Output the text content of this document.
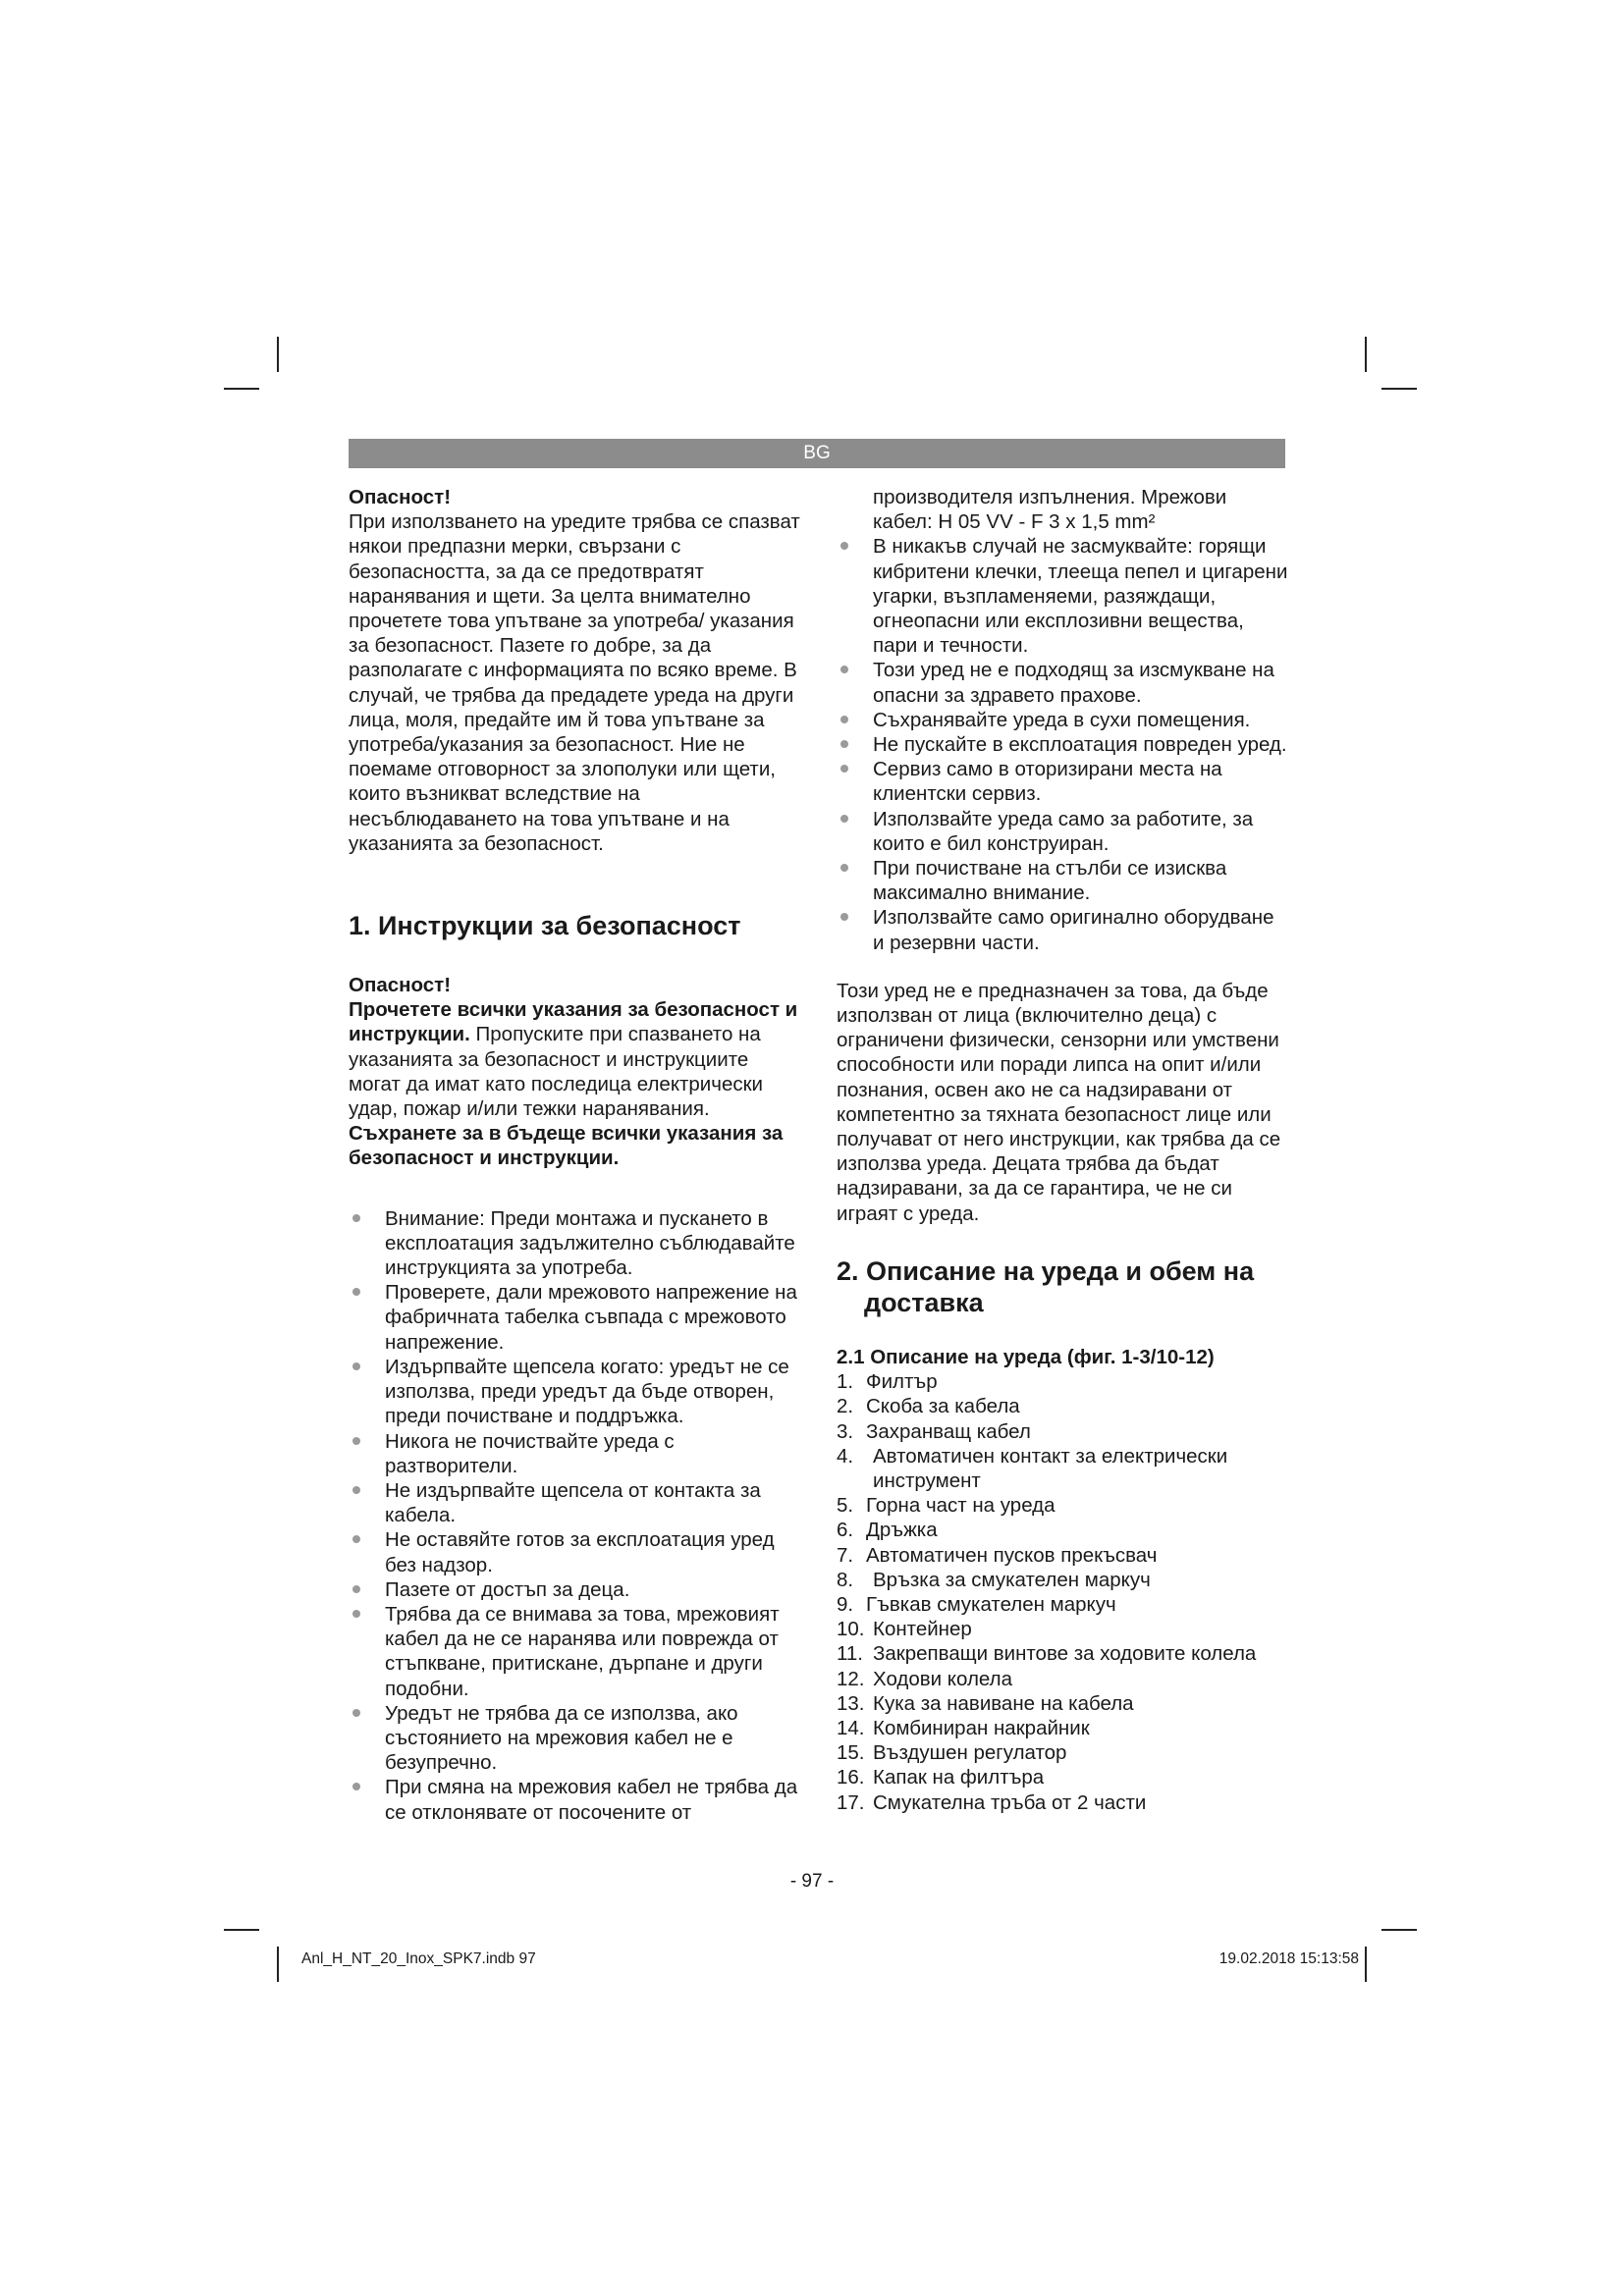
BG

Опасност!

При използването на уредите трябва се спазват някои предпазни мерки, свързани с безопасността, за да се предотвратят наранявания и щети. За целта внимателно прочетете това упътване за употреба/ указания за безопасност. Пазете го добре, за да разполагате с информацията по всяко време. В случай, че трябва да предадете уреда на други лица, моля, предайте им й това упътване за употреба/указания за безопасност. Ние не поемаме отговорност за злополуки или щети, които възникват вследствие на несъблюдаването на това упътване и на указанията за безопасност.

1. Инструкции за безопасност

Опасност!

Прочетете всички указания за безопасност и инструкции. Пропуските при спазването на указанията за безопасност и инструкциите могат да имат като последица електрически удар, пожар и/или тежки наранявания. Съхранете за в бъдеще всички указания за безопасност и инструкции.

Внимание: Преди монтажа и пускането в експлоатация задължително съблюдавайте инструкцията за употреба.
Проверете, дали мрежовото напрежение на фабричната табелка съвпада с мрежовото напрежение.
Издърпвайте щепсела когато: уредът не се използва, преди уредът да бъде отворен, преди почистване и поддръжка.
Никога не почиствайте уреда с разтворители.
Не издърпвайте щепсела от контакта за кабела.
Не оставяйте готов за експлоатация уред без надзор.
Пазете от достъп за деца.
Трябва да се внимава за това, мрежовият кабел да не се наранява или поврежда от стъпкване, притискане, дърпане и други подобни.
Уредът не трябва да се използва, ако състоянието на мрежовия кабел не е безупречно.
При смяна на мрежовия кабел не трябва да се отклонявате от посочените от

производителя изпълнения. Мрежови кабел: H 05 VV - F 3 x 1,5 mm²

В никакъв случай не засмуквайте: горящи кибритени клечки, тлееща пепел и цигарени угарки, възпламеняеми, разяждащи, огнеопасни или експлозивни вещества, пари и течности.
Този уред не е подходящ за изсмукване на опасни за здравето прахове.
Съхранявайте уреда в сухи помещения.
Не пускайте в експлоатация повреден уред.
Сервиз само в оторизирани места на клиентски сервиз.
Използвайте уреда само за работите, за които е бил конструиран.
При почистване на стълби се изисква максимално внимание.
Използвайте само оригинално оборудване и резервни части.

Този уред не е предназначен за това, да бъде използван от лица (включително деца) с ограничени физически, сензорни или умствени способности или поради липса на опит и/или познания, освен ако не са надзиравани от компетентно за тяхната безопасност лице или получават от него инструкции, как трябва да се използва уреда. Децата трябва да бъдат надзиравани, за да се гарантира, че не си играят с уреда.

2. Описание на уреда и обем на
доставка

2.1 Описание на уреда (фиг. 1-3/10-12)

1. Филтър
2. Скоба за кабела
3. Захранващ кабел
4. Автоматичен контакт за електрически инструмент
5. Горна част на уреда
6. Дръжка
7. Автоматичен пусков прекъсвач
8. Връзка за смукателен маркуч
9. Гъвкав смукателен маркуч
10. Контейнер
11. Закрепващи винтове за ходовите колела
12. Ходови колела
13. Кука за навиване на кабела
14. Комбиниран накрайник
15. Въздушен регулатор
16. Капак на филтъра
17. Смукателна тръба от 2 части
- 97 -
Anl_H_NT_20_Inox_SPK7.indb 97	19.02.2018 15:13:58
